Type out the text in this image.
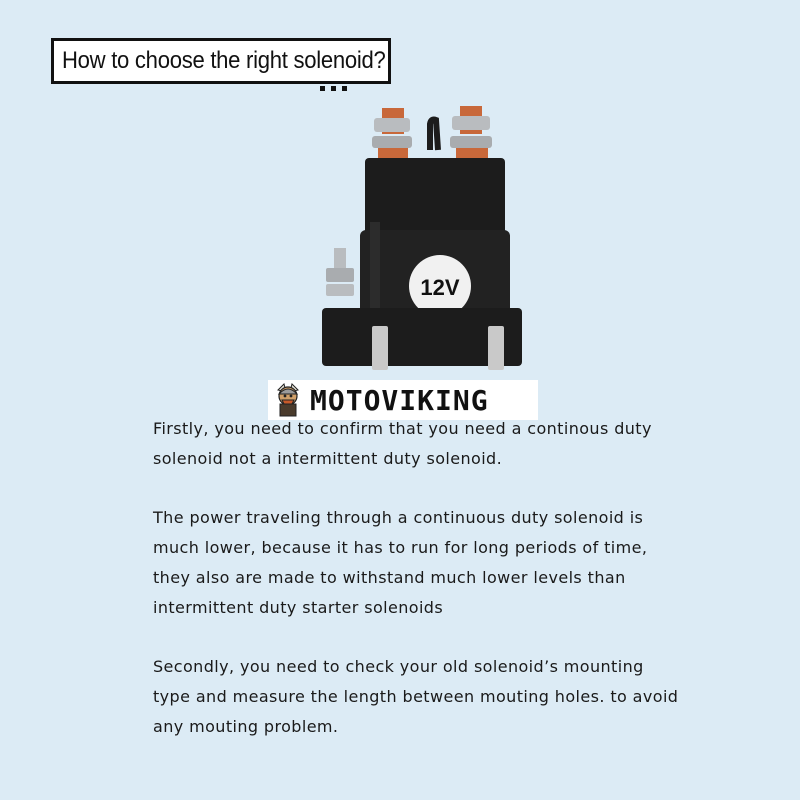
How to choose the right solenoid?
12V
MOTOVIKING

Firstly, you need to confirm that you need a continous duty

solenoid not a intermittent duty solenoid.

The power traveling through a continuous duty solenoid is

much lower, because it has to run for long periods of time,

they also are made to withstand much lower levels than

intermittent duty starter solenoids

Secondly, you need to check your old solenoid’s mounting

type and measure the length between mouting holes. to avoid

any mouting problem.
